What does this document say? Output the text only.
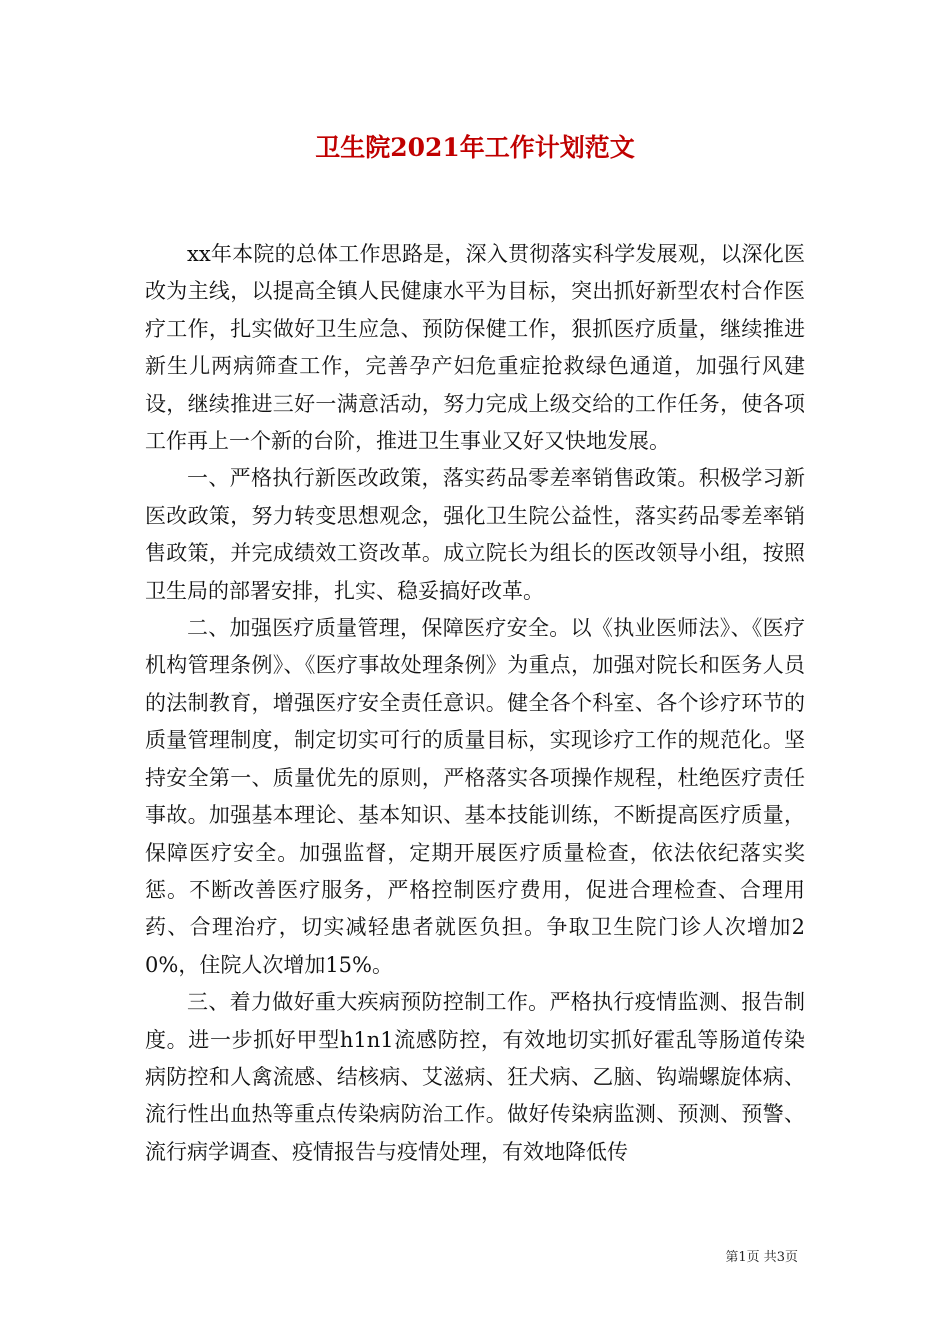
卫生院2021年工作计划范文

xx年本院的总体工作思路是，深入贯彻落实科学发展观，以深化医改为主线，以提高全镇人民健康水平为目标，突出抓好新型农村合作医疗工作，扎实做好卫生应急、预防保健工作，狠抓医疗质量，继续推进新生儿两病筛查工作，完善孕产妇危重症抢救绿色通道，加强行风建设，继续推进三好一满意活动，努力完成上级交给的工作任务，使各项工作再上一个新的台阶，推进卫生事业又好又快地发展。

一、严格执行新医改政策，落实药品零差率销售政策。积极学习新医改政策，努力转变思想观念，强化卫生院公益性，落实药品零差率销售政策，并完成绩效工资改革。成立院长为组长的医改领导小组，按照卫生局的部署安排，扎实、稳妥搞好改革。

二、加强医疗质量管理，保障医疗安全。以《执业医师法》、《医疗机构管理条例》、《医疗事故处理条例》为重点，加强对院长和医务人员的法制教育，增强医疗安全责任意识。健全各个科室、各个诊疗环节的质量管理制度，制定切实可行的质量目标，实现诊疗工作的规范化。坚持安全第一、质量优先的原则，严格落实各项操作规程，杜绝医疗责任事故。加强基本理论、基本知识、基本技能训练，不断提高医疗质量，保障医疗安全。加强监督，定期开展医疗质量检查，依法依纪落实奖惩。不断改善医疗服务，严格控制医疗费用，促进合理检查、合理用药、合理治疗，切实减轻患者就医负担。争取卫生院门诊人次增加20%，住院人次增加15%。

三、着力做好重大疾病预防控制工作。严格执行疫情监测、报告制度。进一步抓好甲型h1n1流感防控，有效地切实抓好霍乱等肠道传染病防控和人禽流感、结核病、艾滋病、狂犬病、乙脑、钩端螺旋体病、流行性出血热等重点传染病防治工作。做好传染病监测、预测、预警、流行病学调查、疫情报告与疫情处理，有效地降低传

第1页 共3页
